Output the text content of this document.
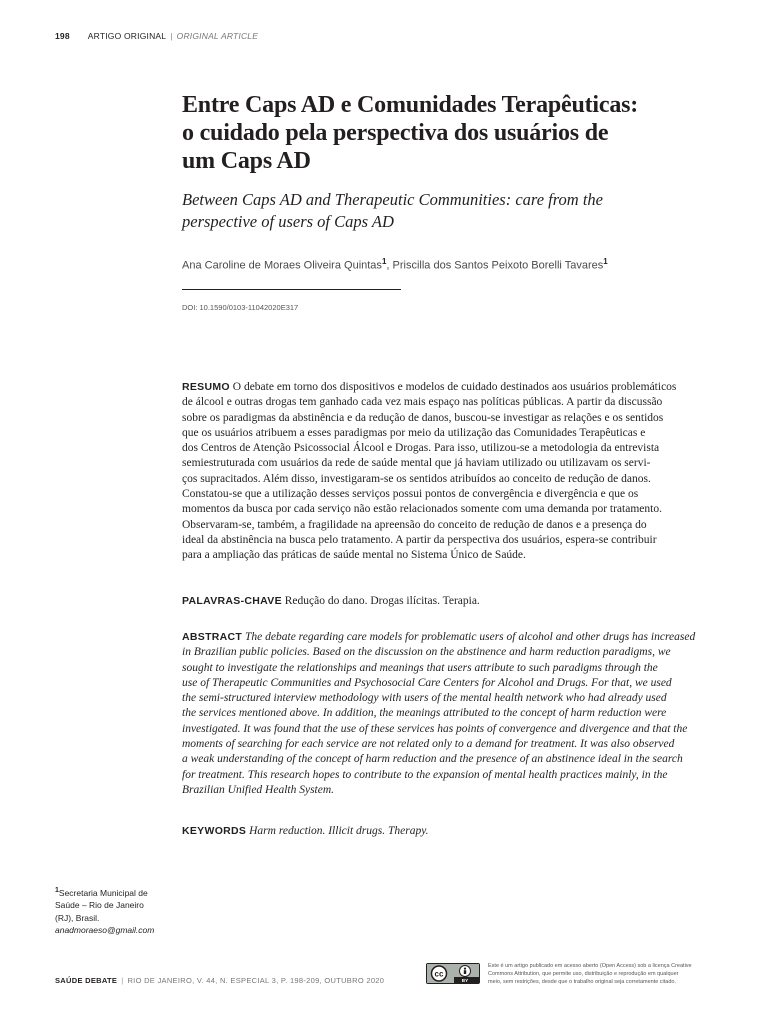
198 ARTIGO ORIGINAL | ORIGINAL ARTICLE
Entre Caps AD e Comunidades Terapêuticas:
o cuidado pela perspectiva dos usuários de
um Caps AD
Between Caps AD and Therapeutic Communities: care from the
perspective of users of Caps AD
Ana Caroline de Moraes Oliveira Quintas$^1$, Priscilla dos Santos Peixoto Borelli Tavares$^1$
DOI: 10.1590/0103-11042020E317
RESUMO O debate em torno dos dispositivos e modelos de cuidado destinados aos usuários problemáticos
de álcool e outras drogas tem ganhado cada vez mais espaço nas políticas públicas. A partir da discussão
sobre os paradigmas da abstinência e da redução de danos, buscou-se investigar as relações e os sentidos
que os usuários atribuem a esses paradigmas por meio da utilização das Comunidades Terapêuticas e
dos Centros de Atenção Psicossocial Álcool e Drogas. Para isso, utilizou-se a metodologia da entrevista
semiestruturada com usuários da rede de saúde mental que já haviam utilizado ou utilizavam os servi-
ços supracitados. Além disso, investigaram-se os sentidos atribuídos ao conceito de redução de danos.
Constatou-se que a utilização desses serviços possui pontos de convergência e divergência e que os
momentos da busca por cada serviço não estão relacionados somente com uma demanda por tratamento.
Observaram-se, também, a fragilidade na apreensão do conceito de redução de danos e a presença do
ideal da abstinência na busca pelo tratamento. A partir da perspectiva dos usuários, espera-se contribuir
para a ampliação das práticas de saúde mental no Sistema Único de Saúde.
PALAVRAS-CHAVE Redução do dano. Drogas ilícitas. Terapia.
ABSTRACT The debate regarding care models for problematic users of alcohol and other drugs has increased
in Brazilian public policies. Based on the discussion on the abstinence and harm reduction paradigms, we
sought to investigate the relationships and meanings that users attribute to such paradigms through the
use of Therapeutic Communities and Psychosocial Care Centers for Alcohol and Drugs. For that, we used
the semi-structured interview methodology with users of the mental health network who had already used
the services mentioned above. In addition, the meanings attributed to the concept of harm reduction were
investigated. It was found that the use of these services has points of convergence and divergence and that the
moments of searching for each service are not related only to a demand for treatment. It was also observed
a weak understanding of the concept of harm reduction and the presence of an abstinence ideal in the search
for treatment. This research hopes to contribute to the expansion of mental health practices mainly, in the
Brazilian Unified Health System.
KEYWORDS Harm reduction. Illicit drugs. Therapy.
$^1$Secretaria Municipal de
Saúde – Rio de Janeiro
(RJ), Brasil.
anadmoraeso@gmail.com
SAÚDE DEBATE | RIO DE JANEIRO, V. 44, N. ESPECIAL 3, P. 198-209, OUTUBRO 2020
cc
BY
Este é um artigo publicado em acesso aberto (Open Access) sob a licença Creative
Commons Attribution, que permite uso, distribuição e reprodução em qualquer
meio, sem restrições, desde que o trabalho original seja corretamente citado.
